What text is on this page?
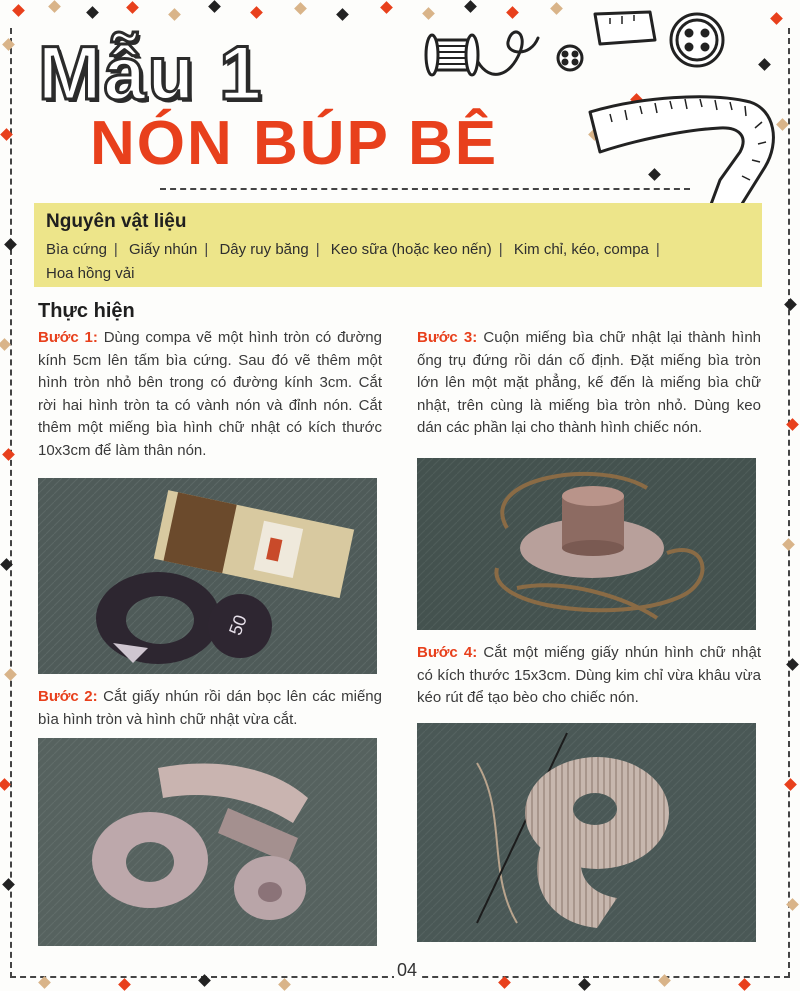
Mẫu 1
NÓN BÚP BÊ
Nguyên vật liệu
Bìa cứng | Giấy nhún | Dây ruy băng | Keo sữa (hoặc keo nến) | Kim chỉ, kéo, compa | Hoa hồng vải
Thực hiện
Bước 1: Dùng compa vẽ một hình tròn có đường kính 5cm lên tấm bìa cứng. Sau đó vẽ thêm một hình tròn nhỏ bên trong có đường kính 3cm. Cắt rời hai hình tròn ta có vành nón và đỉnh nón. Cắt thêm một miếng bìa hình chữ nhật có kích thước 10x3cm để làm thân nón.
50
Bước 2: Cắt giấy nhún rồi dán bọc lên các miếng bìa hình tròn và hình chữ nhật vừa cắt.
Bước 3: Cuộn miếng bìa chữ nhật lại thành hình ống trụ đứng rồi dán cố định. Đặt miếng bìa tròn lớn lên một mặt phẳng, kế đến là miếng bìa chữ nhật, trên cùng là miếng bìa tròn nhỏ. Dùng keo dán các phần lại cho thành hình chiếc nón.
Bước 4: Cắt một miếng giấy nhún hình chữ nhật có kích thước 15x3cm. Dùng kim chỉ vừa khâu vừa kéo rút để tạo bèo cho chiếc nón.
04
